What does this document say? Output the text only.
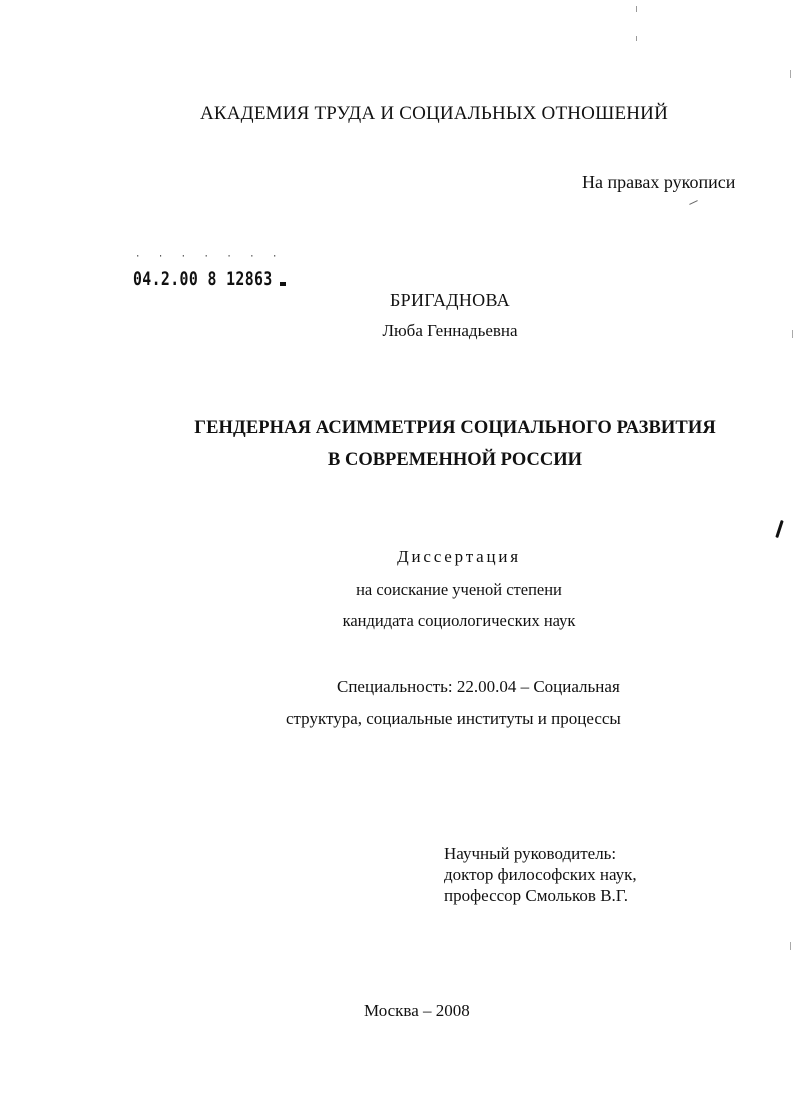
АКАДЕМИЯ ТРУДА И СОЦИАЛЬНЫХ ОТНОШЕНИЙ
На правах рукописи
· · · · · · ·
04.2.00 8 12863
БРИГАДНОВА
Люба Геннадьевна
ГЕНДЕРНАЯ АСИММЕТРИЯ СОЦИАЛЬНОГО РАЗВИТИЯ
В СОВРЕМЕННОЙ РОССИИ
Диссертация
на соискание ученой степени
кандидата социологических наук
Специальность: 22.00.04 – Социальная
структура, социальные институты и процессы
Научный руководитель:
доктор философских наук,
профессор Смольков В.Г.
Москва – 2008
